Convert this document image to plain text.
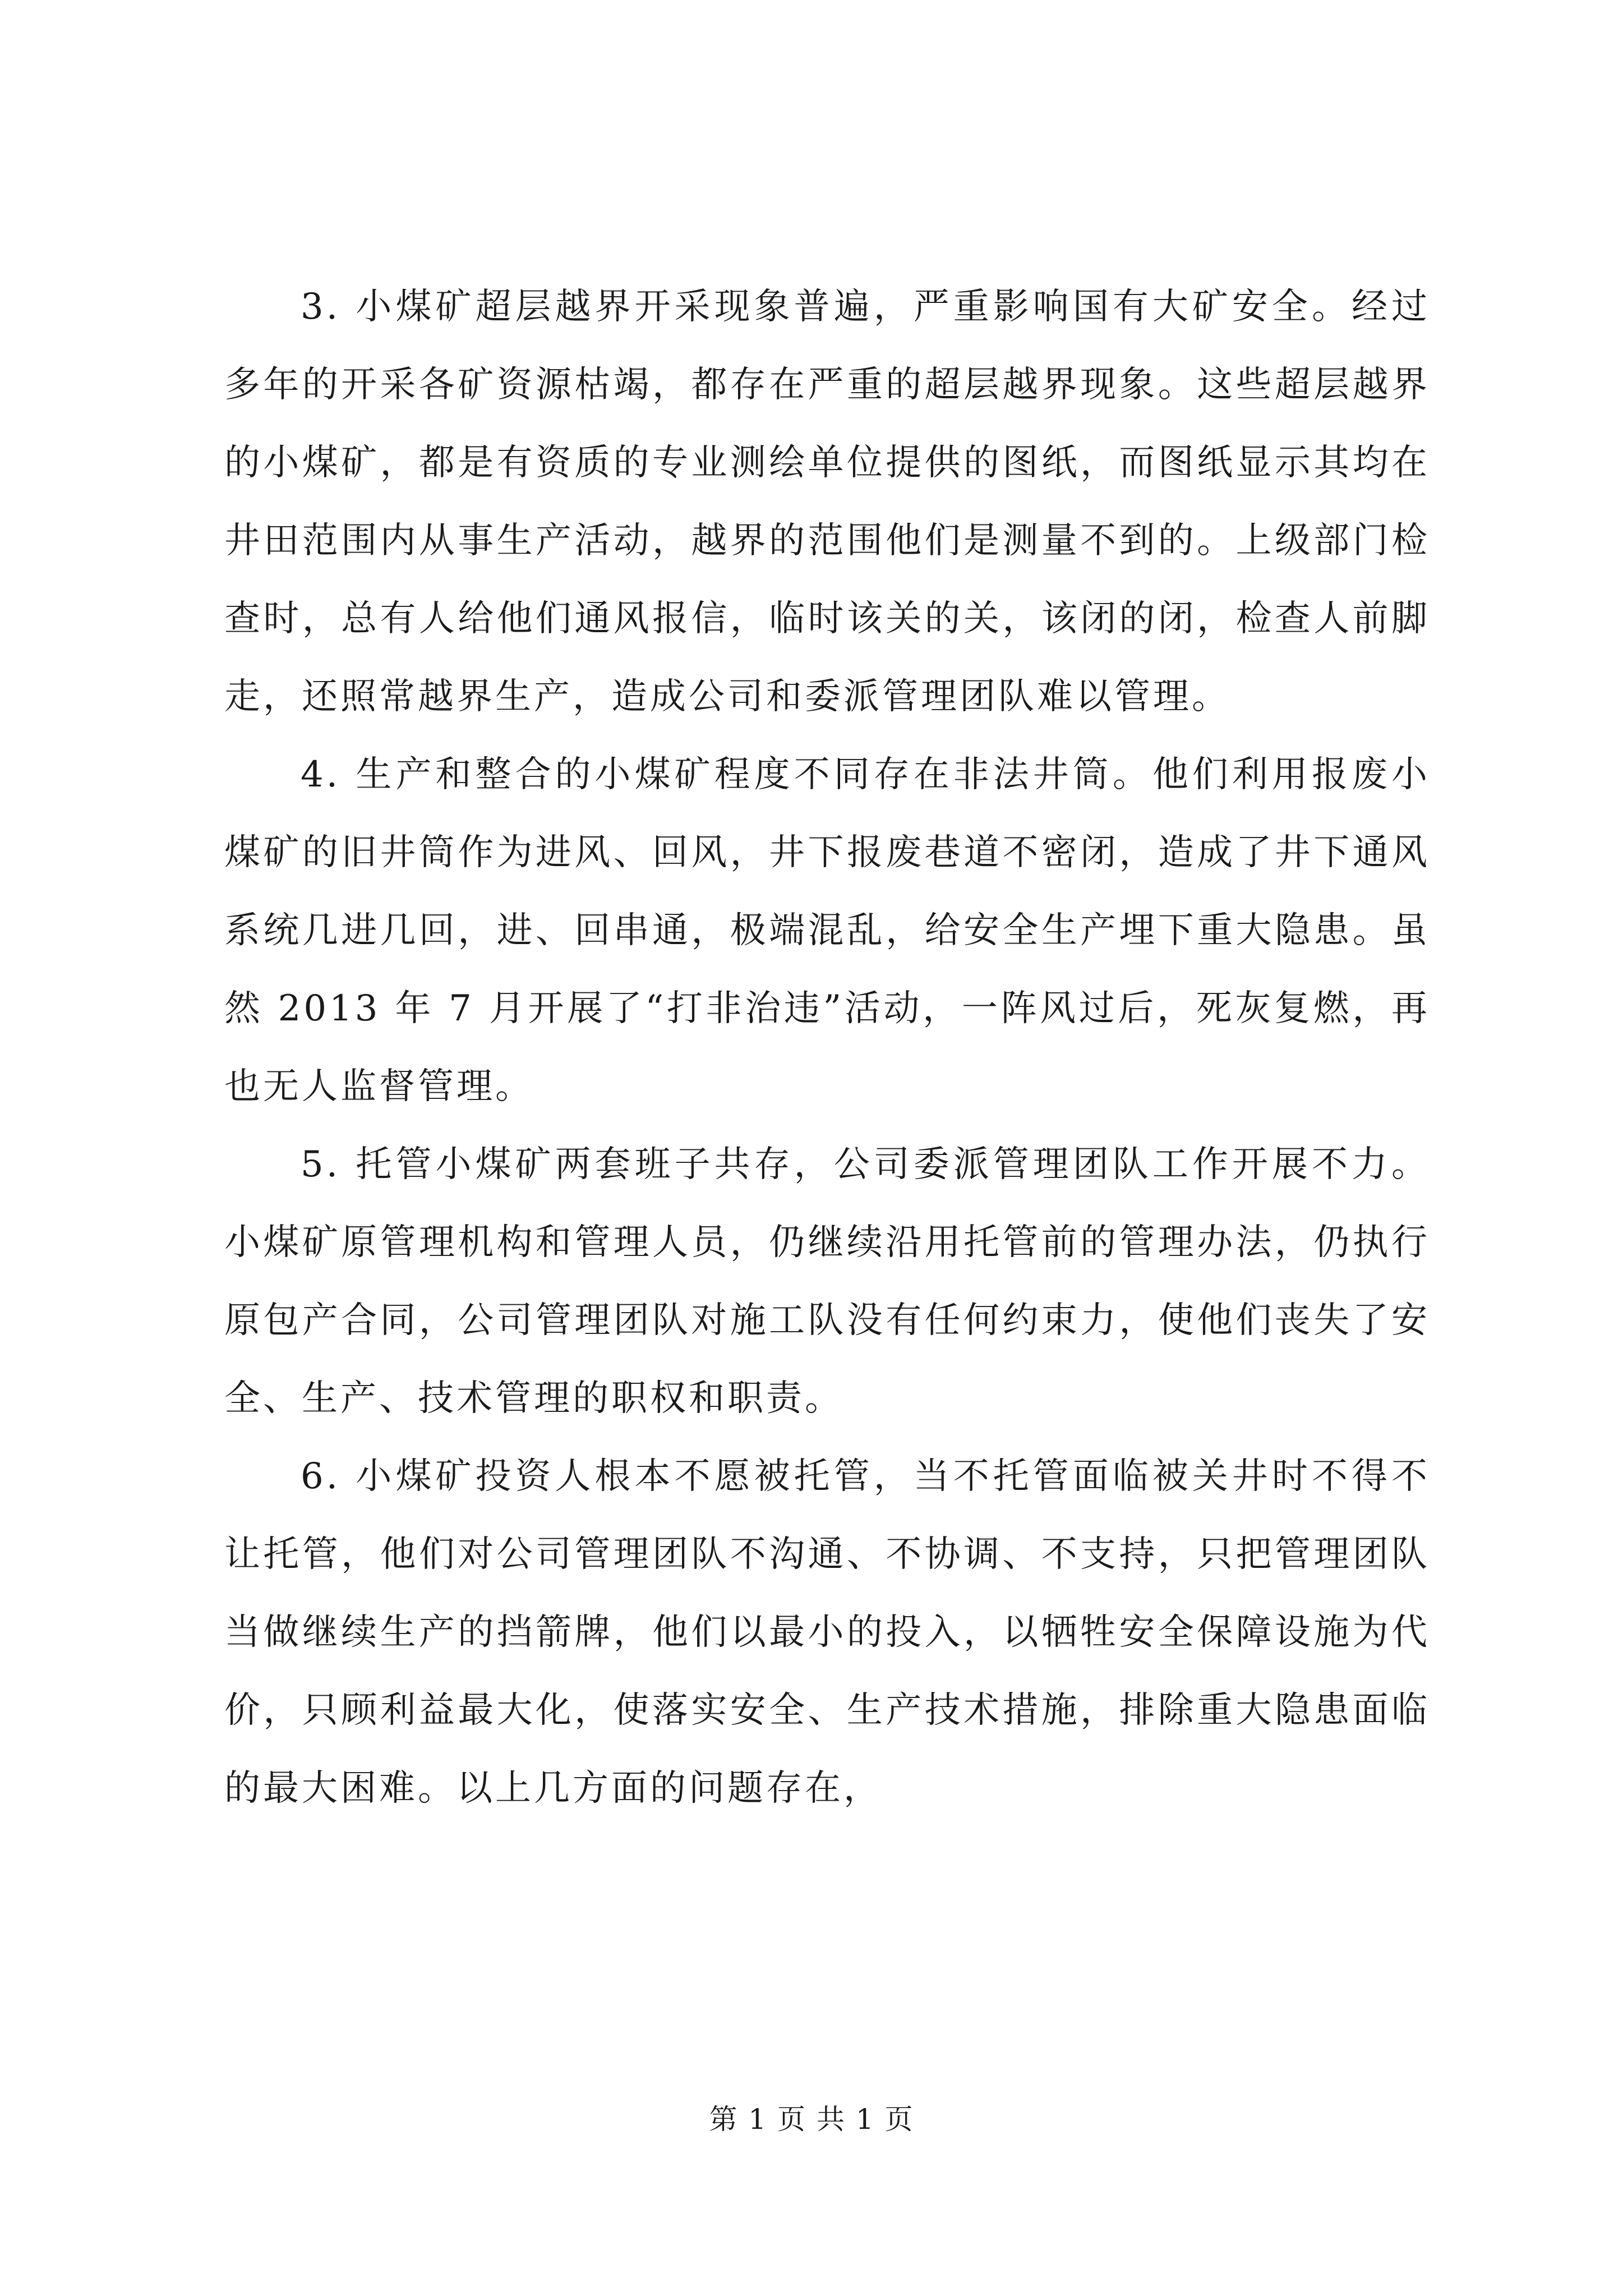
3. 小煤矿超层越界开采现象普遍，严重影响国有大矿安全。经过多年的开采各矿资源枯竭，都存在严重的超层越界现象。这些超层越界的小煤矿，都是有资质的专业测绘单位提供的图纸，而图纸显示其均在井田范围内从事生产活动，越界的范围他们是测量不到的。上级部门检查时，总有人给他们通风报信，临时该关的关，该闭的闭，检查人前脚走，还照常越界生产，造成公司和委派管理团队难以管理。

4. 生产和整合的小煤矿程度不同存在非法井筒。他们利用报废小煤矿的旧井筒作为进风、回风，井下报废巷道不密闭，造成了井下通风系统几进几回，进、回串通，极端混乱，给安全生产埋下重大隐患。虽然 2013 年 7 月开展了“打非治违”活动，一阵风过后，死灰复燃，再也无人监督管理。

5. 托管小煤矿两套班子共存，公司委派管理团队工作开展不力。小煤矿原管理机构和管理人员，仍继续沿用托管前的管理办法，仍执行原包产合同，公司管理团队对施工队没有任何约束力，使他们丧失了安全、生产、技术管理的职权和职责。

6. 小煤矿投资人根本不愿被托管，当不托管面临被关井时不得不让托管，他们对公司管理团队不沟通、不协调、不支持，只把管理团队当做继续生产的挡箭牌，他们以最小的投入，以牺牲安全保障设施为代价，只顾利益最大化，使落实安全、生产技术措施，排除重大隐患面临的最大困难。以上几方面的问题存在，

第 1 页 共 1 页
